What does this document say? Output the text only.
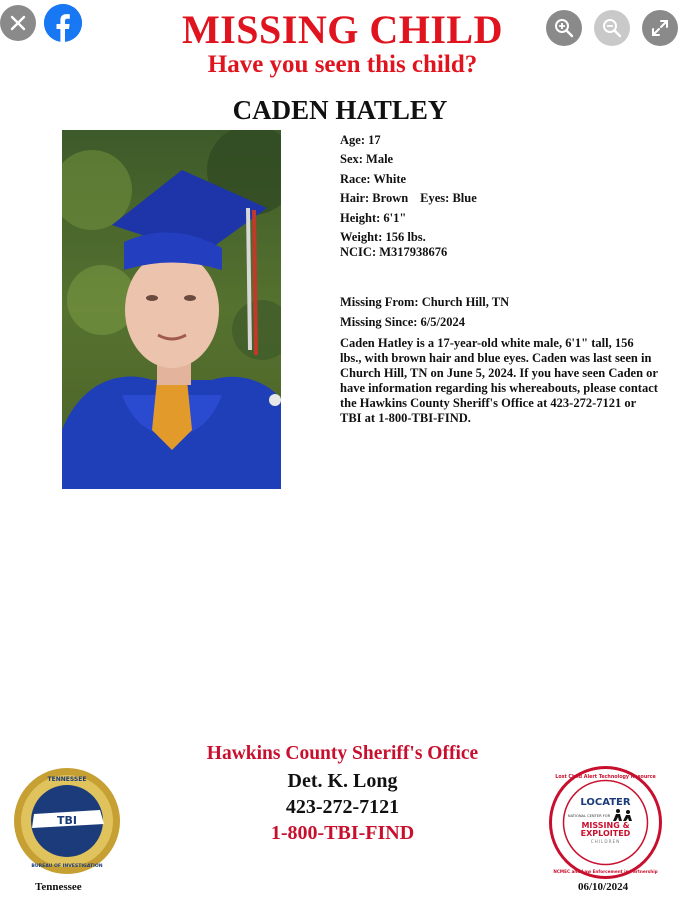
MISSING CHILD
Have you seen this child?
CADEN HATLEY
Age: 17
Sex: Male
Race: White
Hair: Brown Eyes: Blue
Height: 6'1"
Weight: 156 lbs.
NCIC: M317938676
Missing From: Church Hill, TN
Missing Since: 6/5/2024
Caden Hatley is a 17-year-old white male, 6'1" tall, 156 lbs., with brown hair and blue eyes. Caden was last seen in Church Hill, TN on June 5, 2024. If you have seen Caden or have information regarding his whereabouts, please contact the Hawkins County Sheriff's Office at 423-272-7121 or TBI at 1-800-TBI-FIND.
Hawkins County Sheriff's Office
Det. K. Long
423-272-7121
1-800-TBI-FIND
TENNESSEE
BUREAU OF INVESTIGATION
TBI
Tennessee
Lost Child Alert Technology Resource
NCMEC and Law Enforcement in Partnership
LOCATER
NATIONAL CENTER FOR
MISSING &
EXPLOITED
CHILDREN
06/10/2024
